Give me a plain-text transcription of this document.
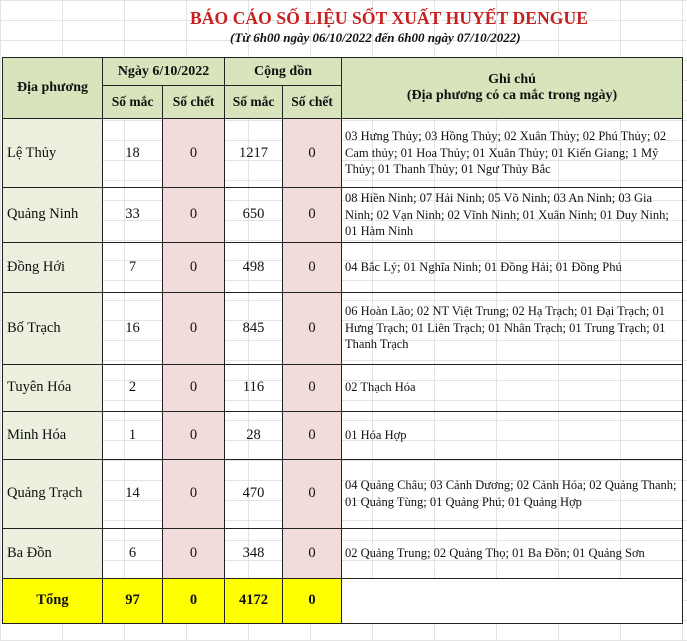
BÁO CÁO SỐ LIỆU SỐT XUẤT HUYẾT DENGUE
(Từ 6h00 ngày 06/10/2022 đến 6h00 ngày 07/10/2022)
Địa phương	Ngày 6/10/2022		Cộng dồn		Ghi chú
(Địa phương có ca mắc trong ngày)

	Số mắc	Số chết	Số mắc	Số chết	
Lệ Thủy	18	0	1217	0	03 Hưng Thủy; 03 Hồng Thủy; 02 Xuân Thủy; 02 Phú Thủy; 02 Cam thủy; 01 Hoa Thủy; 01 Xuân Thủy; 01 Kiến Giang; 1 Mỹ Thủy; 01 Thanh Thủy; 01 Ngư Thủy Bắc
Quảng Ninh	33	0	650	0	08 Hiền Ninh; 07 Hải Ninh; 05 Võ Ninh; 03 An Ninh; 03 Gia Ninh; 02 Vạn Ninh; 02 Vĩnh Ninh; 01 Xuân Ninh; 01 Duy Ninh; 01 Hàm Ninh
Đồng Hới	7	0	498	0	04 Bắc Lý; 01 Nghĩa Ninh; 01 Đồng Hải; 01 Đồng Phú
Bố Trạch	16	0	845	0	06 Hoàn Lão; 02 NT Việt Trung; 02 Hạ Trạch; 01 Đại Trạch; 01 Hưng Trạch; 01 Liên Trạch; 01 Nhân Trạch; 01 Trung Trạch; 01 Thanh Trạch
Tuyên Hóa	2	0	116	0	02 Thạch Hóa
Minh Hóa	1	0	28	0	01 Hóa Hợp
Quảng Trạch	14	0	470	0	04 Quảng Châu; 03 Cảnh Dương; 02 Cảnh Hóa; 02 Quảng Thanh; 01 Quảng Tùng; 01 Quảng Phú; 01 Quảng Hợp
Ba Đồn	6	0	348	0	02 Quảng Trung; 02 Quảng Thọ; 01 Ba Đồn; 01 Quảng Sơn
Tổng	97	0	4172	0	
